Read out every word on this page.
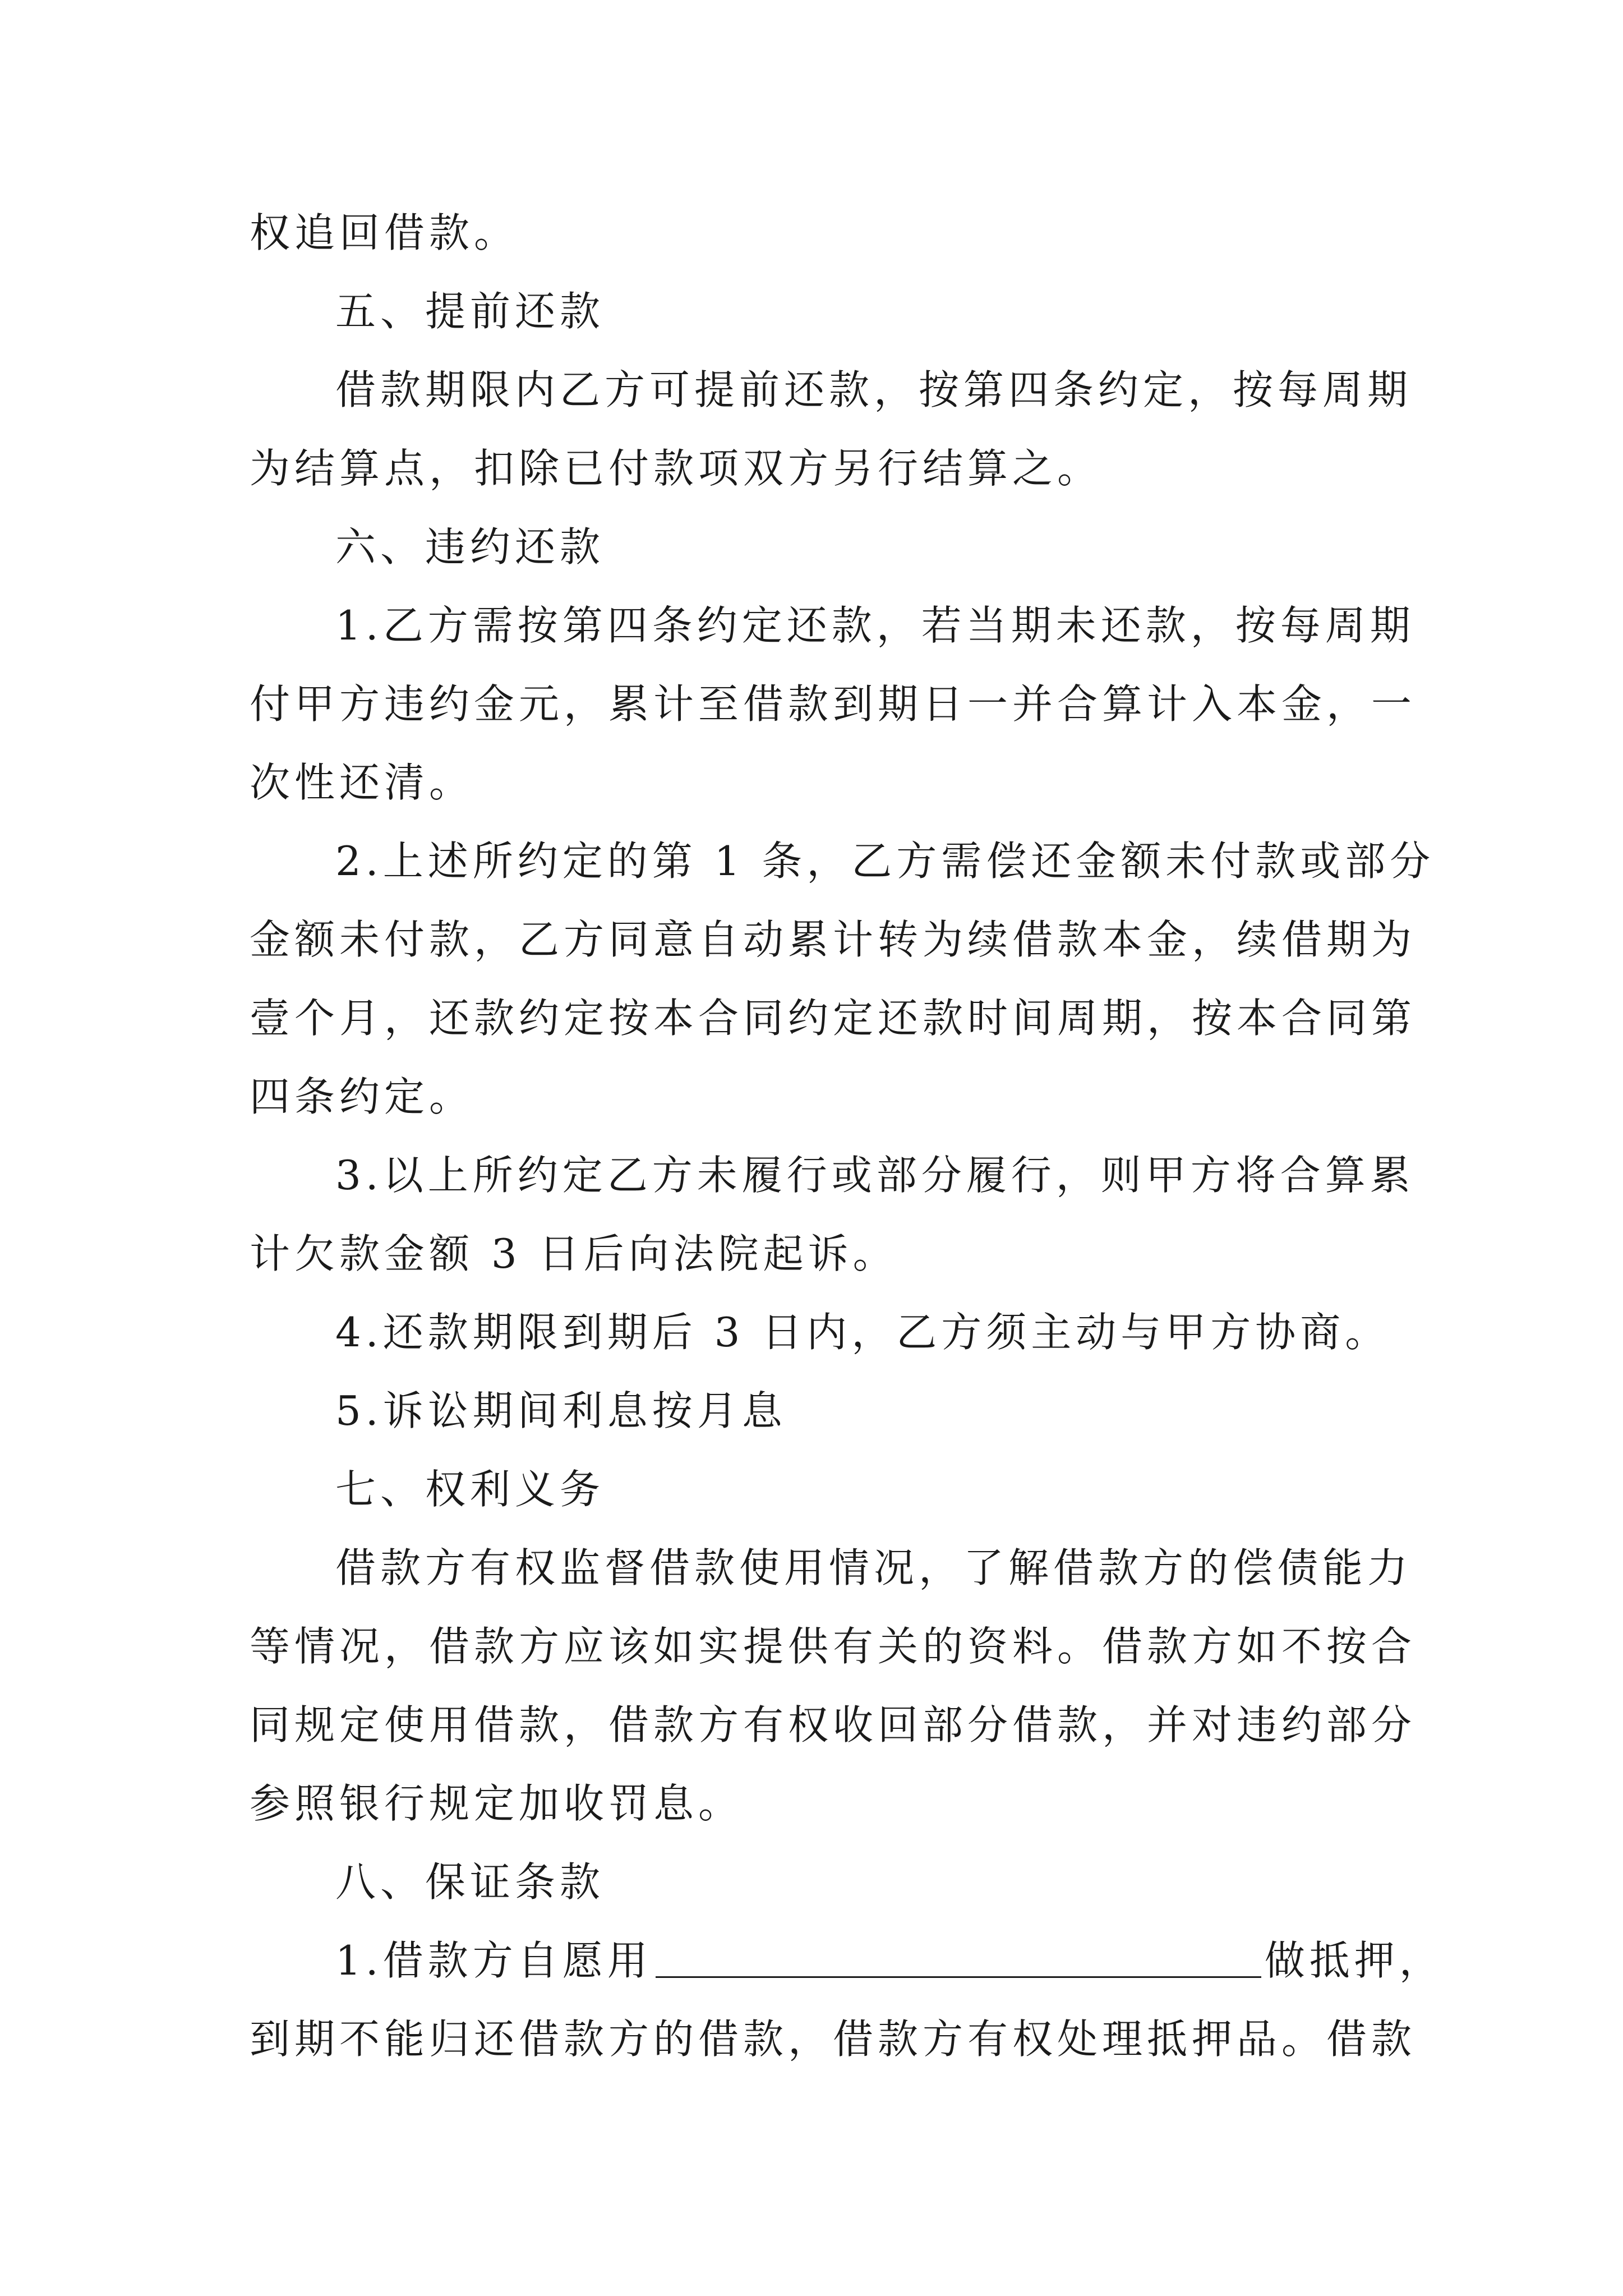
权追回借款。
五、提前还款
借款期限内乙方可提前还款，按第四条约定，按每周期
为结算点，扣除已付款项双方另行结算之。
六、违约还款
1.乙方需按第四条约定还款，若当期未还款，按每周期
付甲方违约金元，累计至借款到期日一并合算计入本金，一
次性还清。
2.上述所约定的第 1 条，乙方需偿还金额未付款或部分
金额未付款，乙方同意自动累计转为续借款本金，续借期为
壹个月，还款约定按本合同约定还款时间周期，按本合同第
四条约定。
3.以上所约定乙方未履行或部分履行，则甲方将合算累
计欠款金额 3 日后向法院起诉。
4.还款期限到期后 3 日内，乙方须主动与甲方协商。
5.诉讼期间利息按月息
七、权利义务
借款方有权监督借款使用情况，了解借款方的偿债能力
等情况，借款方应该如实提供有关的资料。借款方如不按合
同规定使用借款，借款方有权收回部分借款，并对违约部分
参照银行规定加收罚息。
八、保证条款
1.借款方自愿用	做抵押，
到期不能归还借款方的借款，借款方有权处理抵押品。借款
